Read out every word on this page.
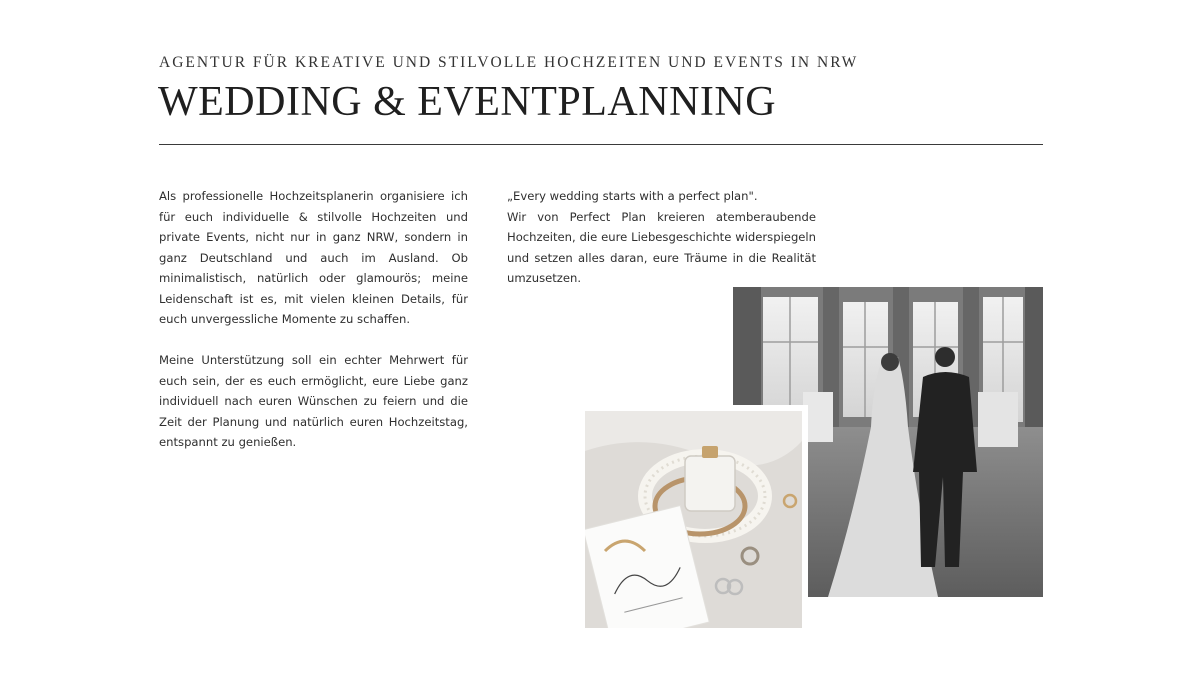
AGENTUR FÜR KREATIVE UND STILVOLLE HOCHZEITEN UND EVENTS IN NRW
WEDDING & EVENTPLANNING

Als professionelle Hochzeitsplanerin organisiere ich für euch individuelle & stilvolle Hochzeiten und private Events, nicht nur in ganz NRW, sondern in ganz Deutschland und auch im Ausland. Ob minimalistisch, natürlich oder glamourös; meine Leidenschaft ist es, mit vielen kleinen Details, für euch unvergessliche Momente zu schaffen.

Meine Unterstützung soll ein echter Mehrwert für euch sein, der es euch ermöglicht, eure Liebe ganz individuell nach euren Wünschen zu feiern und die Zeit der Planung und natürlich euren Hochzeitstag, entspannt zu genießen.

„Every wedding starts with a perfect plan".

Wir von Perfect Plan kreieren atemberaubende Hochzeiten, die eure Liebesgeschichte widerspiegeln und setzen alles daran, eure Träume in die Realität umzusetzen.
